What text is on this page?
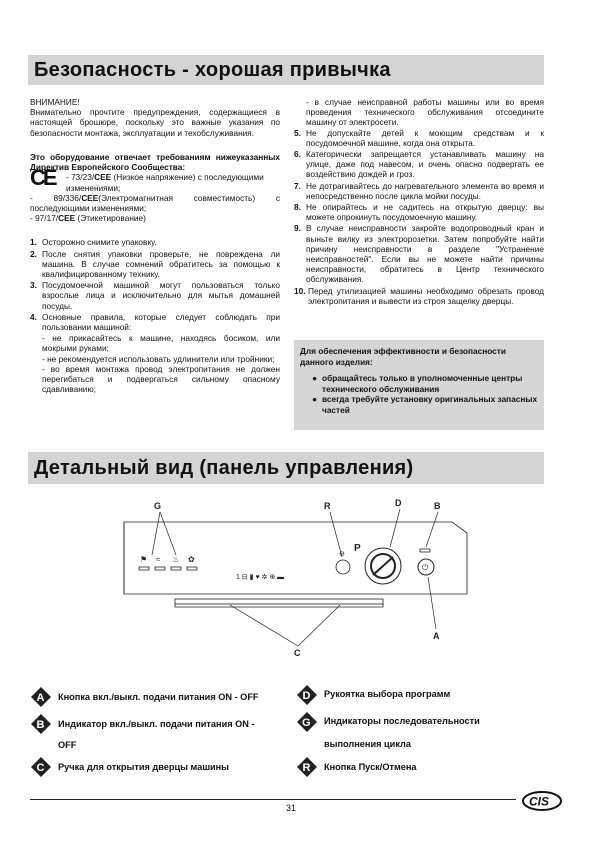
Безопасность - хорошая привычка

ВНИМАНИЕ!

Внимательно прочтите предупреждения, содержащиеся в настоящей брошюре, поскольку это важные указания по безопасности монтажа, эксплуатации и техобслуживания.

Это оборудование отвечает требованиям нижеуказанных Директив Европейского Сообщества:

CE	- 73/23/CEE (Низкое напряжение) с последующими изменениями;

- 89/336/CEE(Электромагнитная совместимость) с последующими изменениями;

- 97/17/CEE (Этикетирование)

1. Осторожно снимите упаковку.
2. После снятия упаковки проверьте, не повреждена ли машина. В случае сомнений обратитесь за помощью к квалифицированному технику.
3. Посудомоечной машиной могут пользоваться только взрослые лица и исключительно для мытья домашней посуды.
4. Основные правила, которые следует соблюдать при пользовании машиной:

- не прикасайтесь к машине, находясь босиком, или мокрыми руками;

- не рекомендуется использовать удлинители или тройники;

- во время монтажа провод электропитания не должен перегибаться и подвергаться сильному опасному сдавливанию;

- в случае неисправной работы машины или во время проведения технического обслуживания отсоедините машину от электросети.

5. Не допускайте детей к моющим средствам и к посудомоечной машине, когда она открыта.
6. Категорически запрещается устанавливать машину на улице, даже под навесом, и очень опасно подвергать ее воздействию дождей и гроз.
7. Не дотрагивайтесь до нагревательного элемента во время и непосредственно после цикла мойки посуды.
8. Не опирайтесь и не садитесь на открытую дверцу: вы можете опрокинуть посудомоечную машину.
9. В случае неисправности закройте водопроводный кран и выньте вилку из электророзетки. Затем попробуйте найти причину неисправности в разделе "Устранение неисправностей". Если вы не можете найти причины неисправности, обратитесь в Центр технического обслуживания.
10. Перед утилизацией машины необходимо обрезать провод электропитания и вывести из строя защелку дверцы.
Для обеспечения эффективности и безопасности данного изделия:
● обращайтесь только в уполномоченные центры технического обслуживания
● всегда требуйте установку оригинальных запасных частей
Детальный вид (панель управления)
⚑ ≈ ♨ ✿
1 ⊟ ▮ ♥ ✲ ⊕ ▬
⊖
P
⏻
G	R	D	B
A
C
A Кнопка вкл./выкл. подачи питания ON - OFF
B Индикатор вкл./выкл. подачи питания ON -
OFF
C Ручка для открытия дверцы машины
D Рукоятка выбора программ
G Индикаторы последовательности
выполнения цикла
R Кнопка Пуск/Отмена
31	CIS
